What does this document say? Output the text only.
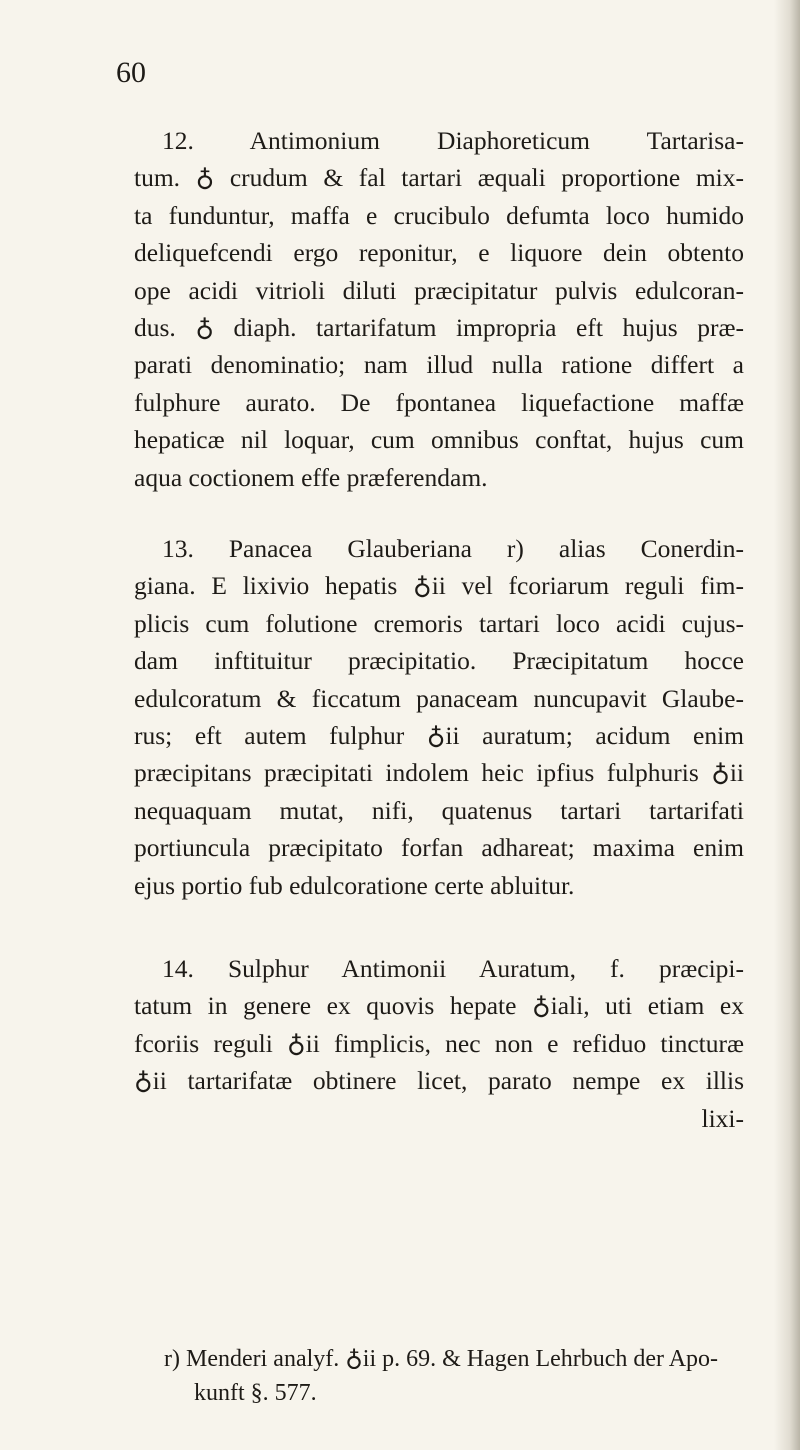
60
12. Antimonium Diaphoreticum Tartarisa-
tum. ♁ crudum & fal tartari æquali proportione mix-
ta funduntur, maffa e crucibulo defumta loco humido
deliquefcendi ergo reponitur, e liquore dein obtento
ope acidi vitrioli diluti præcipitatur pulvis edulcoran-
dus. ♁ diaph. tartarifatum impropria eft hujus præ-
parati denominatio; nam illud nulla ratione differt a
fulphure aurato. De fpontanea liquefactione maffæ
hepaticæ nil loquar, cum omnibus conftat, hujus cum
aqua coctionem effe præferendam.
13. Panacea Glauberiana r) alias Conerdin-
giana. E lixivio hepatis ♁ii vel fcoriarum reguli fim-
plicis cum folutione cremoris tartari loco acidi cujus-
dam inftituitur præcipitatio. Præcipitatum hocce
edulcoratum & ficcatum panaceam nuncupavit Glaube-
rus; eft autem fulphur ♁ii auratum; acidum enim
præcipitans præcipitati indolem heic ipfius fulphuris ♁ii
nequaquam mutat, nifi, quatenus tartari tartarifati
portiuncula præcipitato forfan adhareat; maxima enim
ejus portio fub edulcoratione certe abluitur.
14. Sulphur Antimonii Auratum, f. præcipi-
tatum in genere ex quovis hepate ♁iali, uti etiam ex
fcoriis reguli ♁ii fimplicis, nec non e refiduo tincturæ
♁ii tartarifatæ obtinere licet, parato nempe ex illis
lixi-
r) Menderi analyf. ♁ii p. 69. & Hagen Lehrbuch der Apo-
kunft §. 577.
